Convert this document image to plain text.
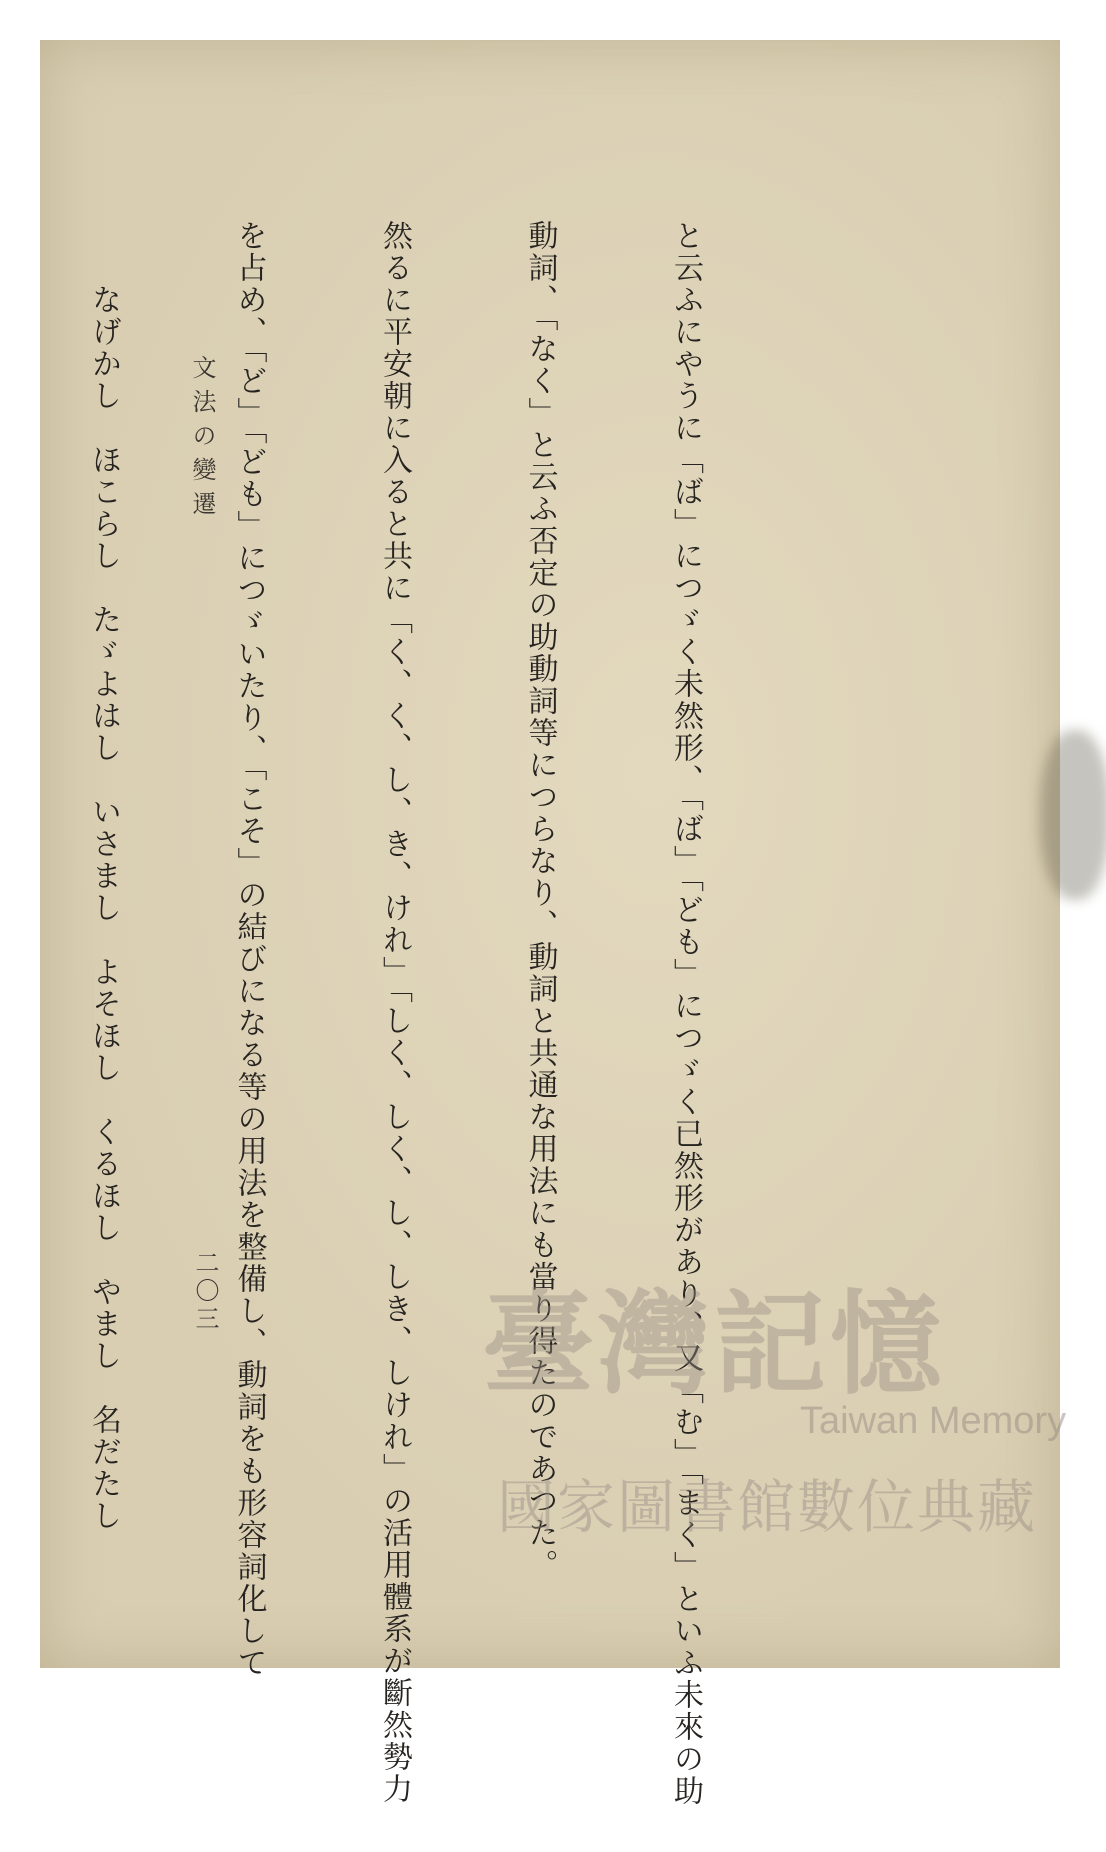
と云ふにやうに「ば」につゞく未然形、「ば」「ども」につゞく已然形があり、又「む」「まく」といふ未來の助

動詞、「なく」と云ふ否定の助動詞等につらなり、動詞と共通な用法にも當り得たのであつた。

然るに平安朝に入ると共に「く、く、し、き、けれ」「しく、しく、し、しき、しけれ」の活用體系が斷然勢力

を占め、「ど」「ども」につゞいたり、「こそ」の結びになる等の用法を整備し、動詞をも形容詞化して

　　なげかし　ほこらし　たゞよはし　いさまし　よそほし　くるほし　やまし　名だたし

	文法の變遷
二〇三 臺灣記憶
Taiwan Memory
國家圖書館數位典藏
